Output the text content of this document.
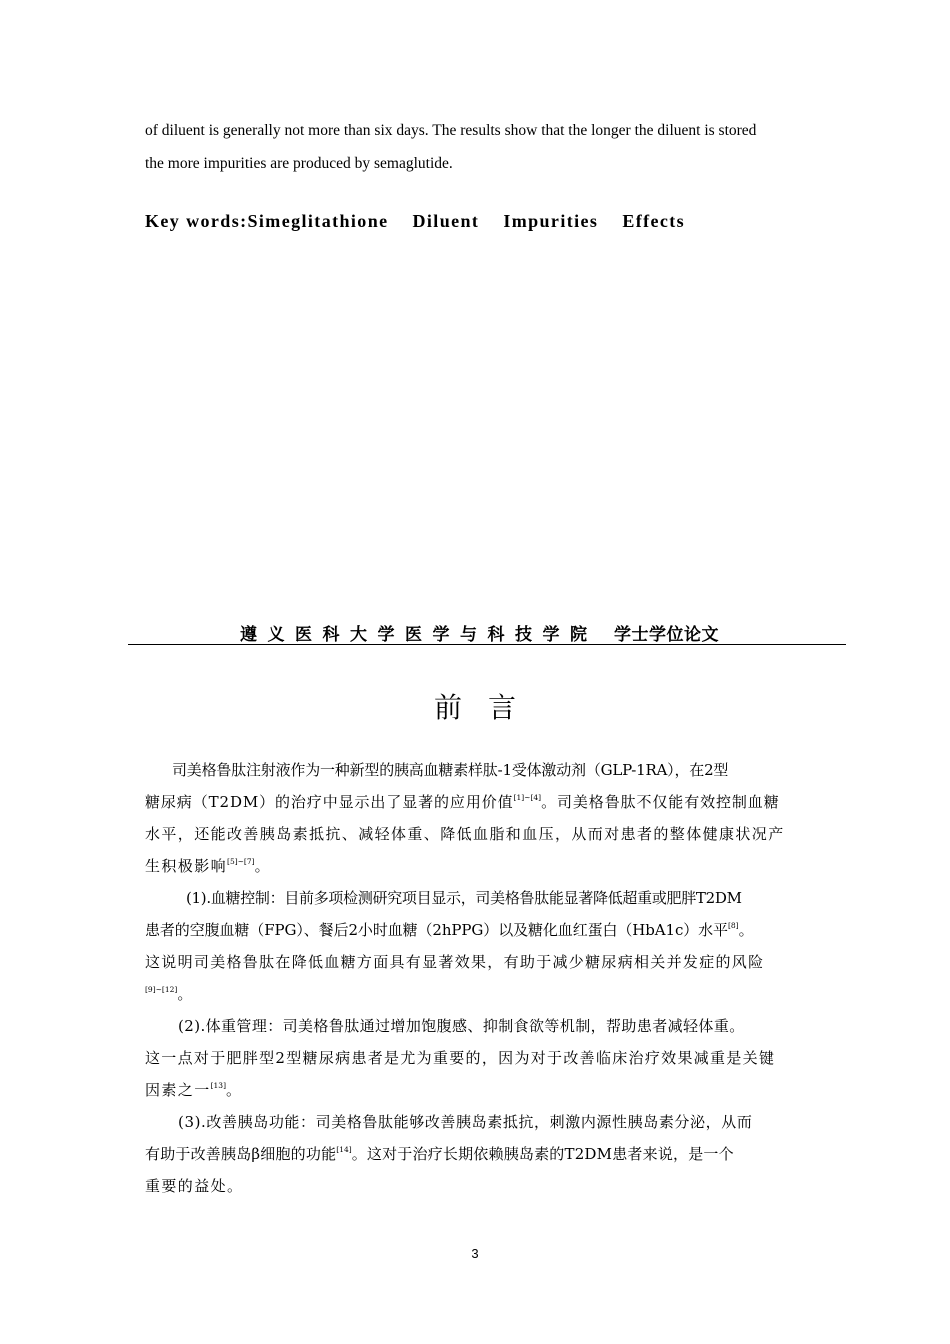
of diluent is generally not more than six days. The results show that the longer the diluent is stored
the more impurities are produced by semaglutide.
Key words:Simeglitathione Diluent Impurities Effects
遵义医科大学医学与科技学院 学士学位论文
前言
司美格鲁肽注射液作为一种新型的胰高血糖素样肽-1受体激动剂（GLP-1RA），在2型
糖尿病（T2DM）的治疗中显示出了显著的应用价值[1]~[4]。司美格鲁肽不仅能有效控制血糖
水平，还能改善胰岛素抵抗、减轻体重、降低血脂和血压，从而对患者的整体健康状况产
生积极影响[5]~[7]。
(1).血糖控制：目前多项检测研究项目显示，司美格鲁肽能显著降低超重或肥胖T2DM
患者的空腹血糖（FPG）、餐后2小时血糖（2hPPG）以及糖化血红蛋白（HbA1c）水平[8]。
这说明司美格鲁肽在降低血糖方面具有显著效果，有助于减少糖尿病相关并发症的风险
[9]~[12]。
(2).体重管理：司美格鲁肽通过增加饱腹感、抑制食欲等机制，帮助患者减轻体重。
这一点对于肥胖型2型糖尿病患者是尤为重要的，因为对于改善临床治疗效果减重是关键
因素之一[13]。
(3).改善胰岛功能：司美格鲁肽能够改善胰岛素抵抗，刺激内源性胰岛素分泌，从而
有助于改善胰岛β细胞的功能[14]。这对于治疗长期依赖胰岛素的T2DM患者来说，是一个
重要的益处。
3
